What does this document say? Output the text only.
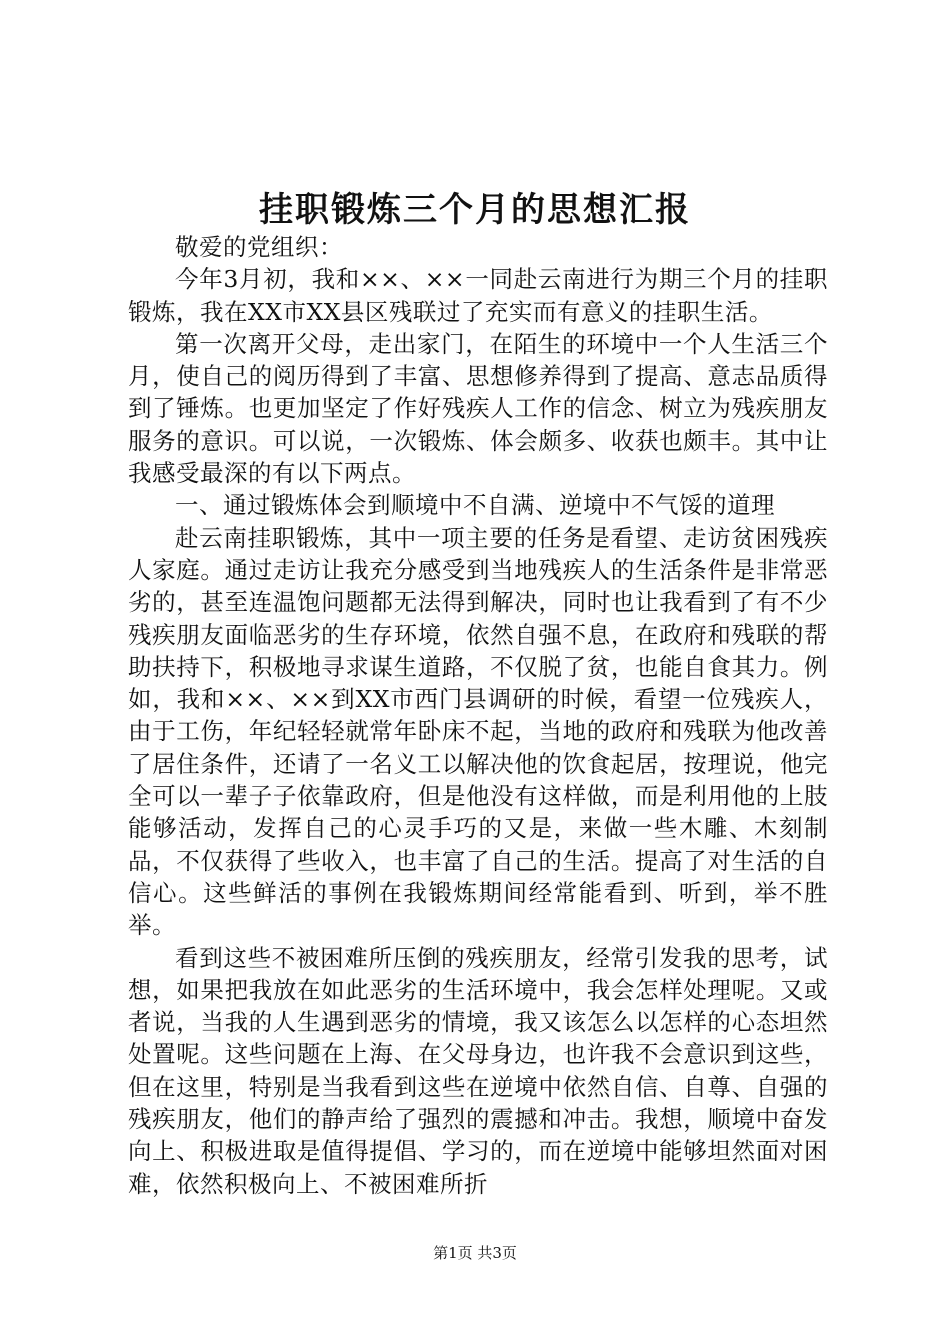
挂职锻炼三个月的思想汇报

敬爱的党组织：

今年3月初，我和××、××一同赴云南进行为期三个月的挂职锻炼，我在XX市XX县区残联过了充实而有意义的挂职生活。

第一次离开父母，走出家门，在陌生的环境中一个人生活三个月，使自己的阅历得到了丰富、思想修养得到了提高、意志品质得到了锤炼。也更加坚定了作好残疾人工作的信念、树立为残疾朋友服务的意识。可以说，一次锻炼、体会颇多、收获也颇丰。其中让我感受最深的有以下两点。

一、通过锻炼体会到顺境中不自满、逆境中不气馁的道理

赴云南挂职锻炼，其中一项主要的任务是看望、走访贫困残疾人家庭。通过走访让我充分感受到当地残疾人的生活条件是非常恶劣的，甚至连温饱问题都无法得到解决，同时也让我看到了有不少残疾朋友面临恶劣的生存环境，依然自强不息，在政府和残联的帮助扶持下，积极地寻求谋生道路，不仅脱了贫，也能自食其力。例如，我和××、××到XX市西门县调研的时候，看望一位残疾人，由于工伤，年纪轻轻就常年卧床不起，当地的政府和残联为他改善了居住条件，还请了一名义工以解决他的饮食起居，按理说，他完全可以一辈子子依靠政府，但是他没有这样做，而是利用他的上肢能够活动，发挥自己的心灵手巧的又是，来做一些木雕、木刻制品，不仅获得了些收入，也丰富了自己的生活。提高了对生活的自信心。这些鲜活的事例在我锻炼期间经常能看到、听到，举不胜举。

看到这些不被困难所压倒的残疾朋友，经常引发我的思考，试想，如果把我放在如此恶劣的生活环境中，我会怎样处理呢。又或者说，当我的人生遇到恶劣的情境，我又该怎么以怎样的心态坦然处置呢。这些问题在上海、在父母身边，也许我不会意识到这些，但在这里，特别是当我看到这些在逆境中依然自信、自尊、自强的残疾朋友，他们的静声给了强烈的震撼和冲击。我想，顺境中奋发向上、积极进取是值得提倡、学习的，而在逆境中能够坦然面对困难，依然积极向上、不被困难所折

第1页 共3页
